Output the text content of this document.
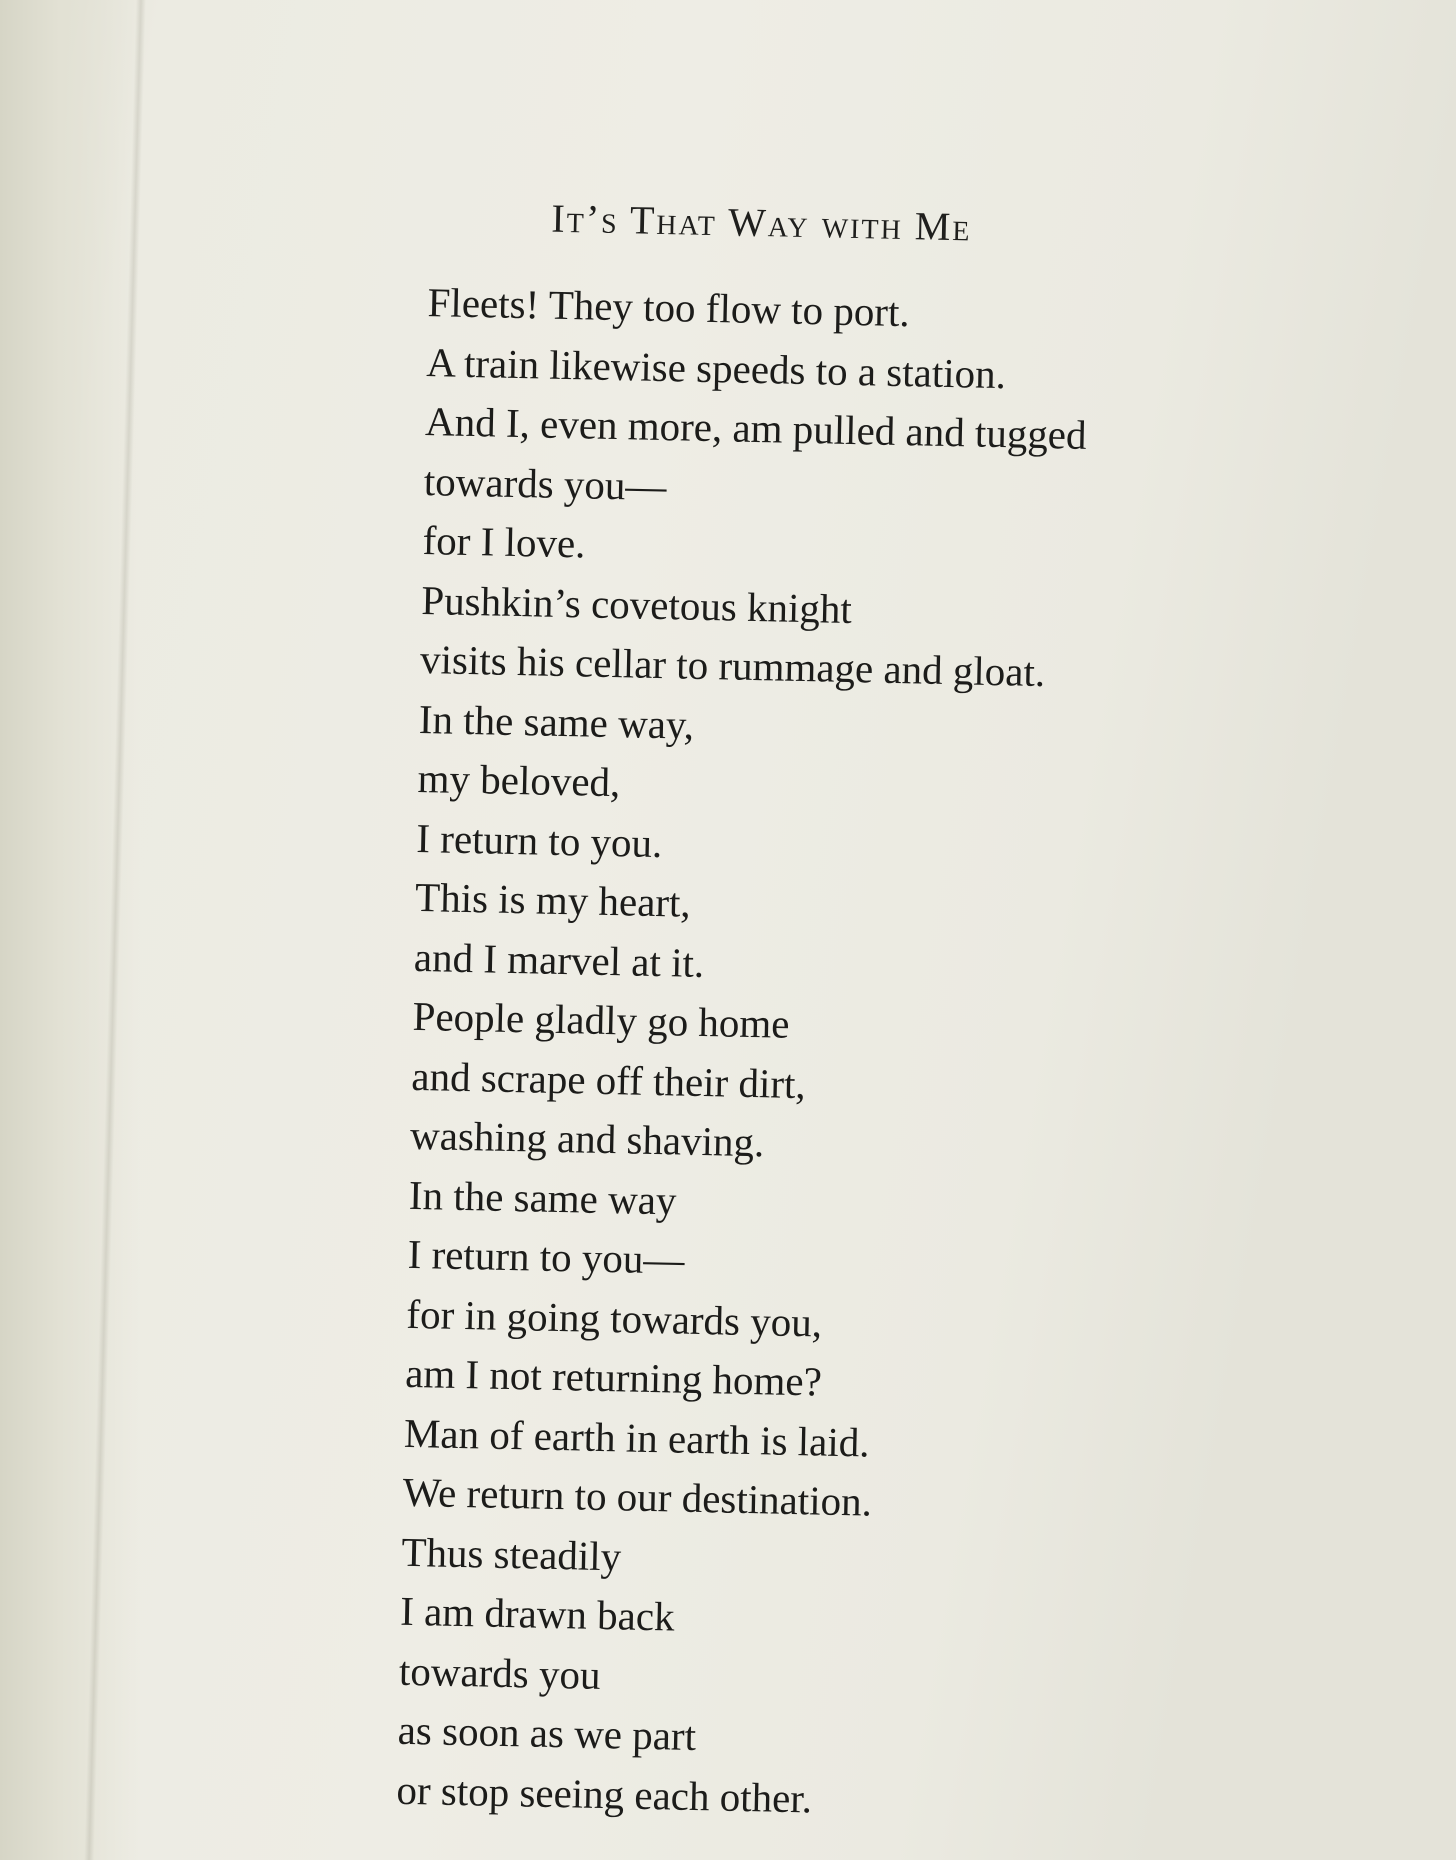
It’s That Way with Me
Fleets! They too flow to port.
A train likewise speeds to a station.
And I, even more, am pulled and tugged
towards you—
for I love.
Pushkin’s covetous knight
visits his cellar to rummage and gloat.
In the same way,
my beloved,
I return to you.
This is my heart,
and I marvel at it.
People gladly go home
and scrape off their dirt,
washing and shaving.
In the same way
I return to you—
for in going towards you,
am I not returning home?
Man of earth in earth is laid.
We return to our destination.
Thus steadily
I am drawn back
towards you
as soon as we part
or stop seeing each other.
